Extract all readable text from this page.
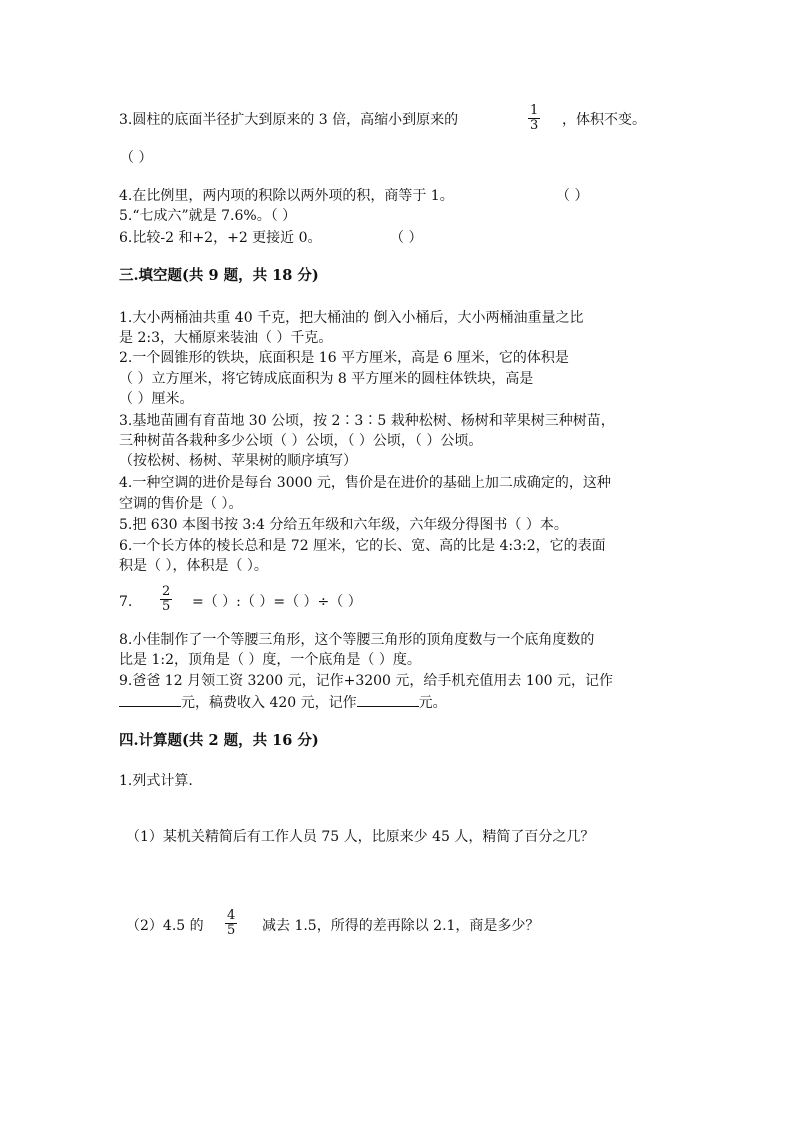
3.圆柱的底面半径扩大到原来的 3 倍，高缩小到原来的	$\frac{1}{3}$ ，体积不变。
（ ）
4.在比例里，两内项的积除以两外项的积，商等于 1。	（ ）
5.“七成六”就是 7.6%。（ ）
6.比较-2 和+2，+2 更接近 0。	（ ）
三.填空题(共 9 题，共 18 分)
1.大小两桶油共重 40 千克，把大桶油的 倒入小桶后，大小两桶油重量之比
是 2:3，大桶原来装油（ ）千克。
2.一个圆锥形的铁块，底面积是 16 平方厘米，高是 6 厘米，它的体积是
（ ）立方厘米，将它铸成底面积为 8 平方厘米的圆柱体铁块，高是
（ ）厘米。
3.基地苗圃有育苗地 30 公顷，按 2∶3∶5 栽种松树、杨树和苹果树三种树苗，
三种树苗各栽种多少公顷（ ）公顷，（ ）公顷，（ ）公顷。
（按松树、杨树、苹果树的顺序填写）
4.一种空调的进价是每台 3000 元，售价是在进价的基础上加二成确定的，这种
空调的售价是（ ）。
5.把 630 本图书按 3:4 分给五年级和六年级，六年级分得图书（ ）本。
6.一个长方体的棱长总和是 72 厘米，它的长、宽、高的比是 4:3:2，它的表面
积是（ ），体积是（ ）。
7. $\frac{2}{5}$ =（ ）:（ ）=（ ）÷（ ）
8.小佳制作了一个等腰三角形，这个等腰三角形的顶角度数与一个底角度数的
比是 1:2，顶角是（ ）度，一个底角是（ ）度。
9.爸爸 12 月领工资 3200 元，记作+3200 元，给手机充值用去 100 元，记作
元，稿费收入 420 元，记作	元。
四.计算题(共 2 题，共 16 分)
1.列式计算.
（1）某机关精简后有工作人员 75 人，比原来少 45 人，精简了百分之几？
（2）4.5 的 $\frac{4}{5}$ 减去 1.5，所得的差再除以 2.1，商是多少？
